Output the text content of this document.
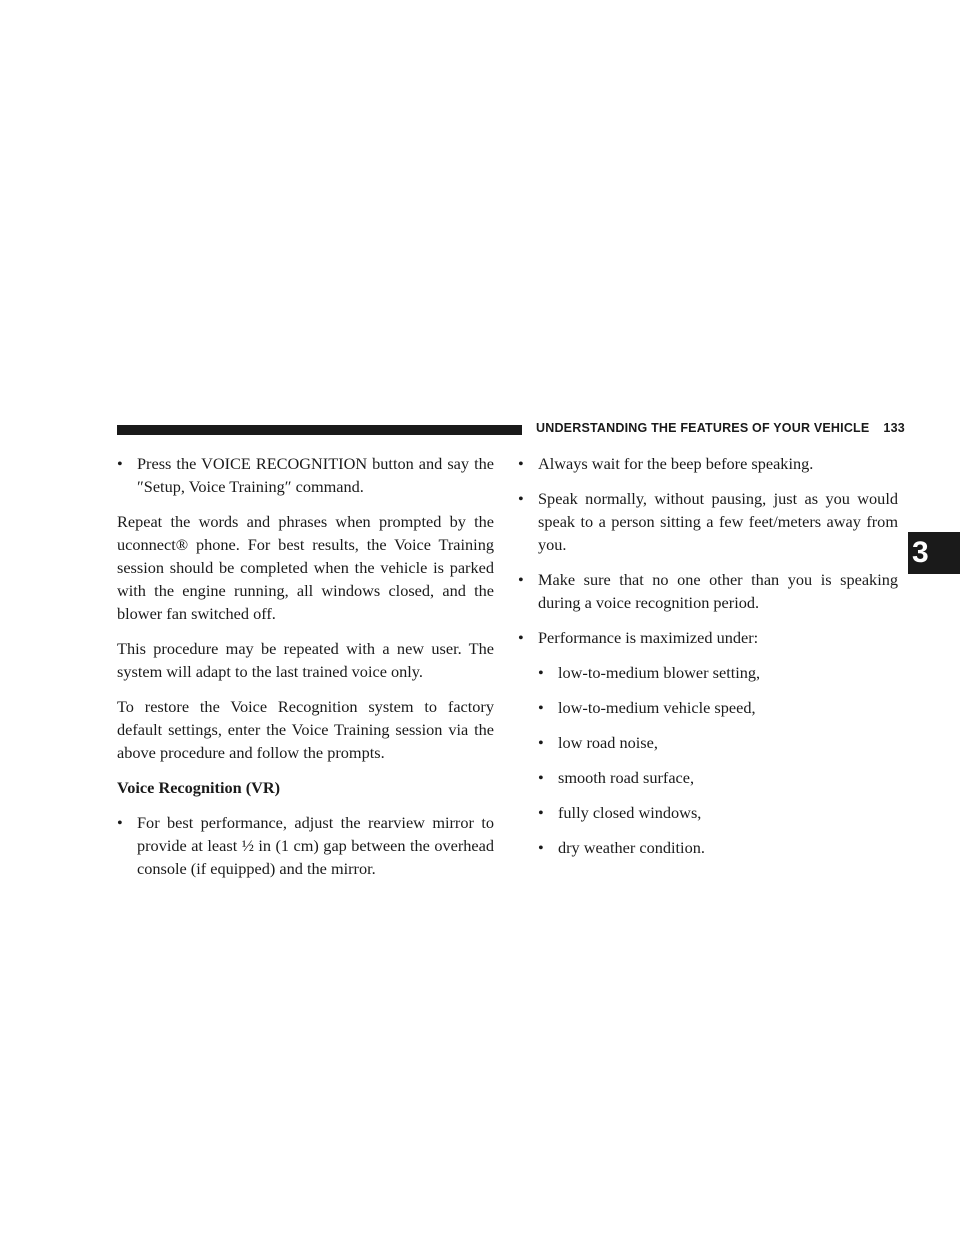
UNDERSTANDING THE FEATURES OF YOUR VEHICLE 133
3
• Press the VOICE RECOGNITION button and say the ″Setup, Voice Training″ command.

Repeat the words and phrases when prompted by the uconnect® phone. For best results, the Voice Training session should be completed when the vehicle is parked with the engine running, all windows closed, and the blower fan switched off.

This procedure may be repeated with a new user. The system will adapt to the last trained voice only.

To restore the Voice Recognition system to factory default settings, enter the Voice Training session via the above procedure and follow the prompts.

Voice Recognition (VR)
• For best performance, adjust the rearview mirror to provide at least ½ in (1 cm) gap between the overhead console (if equipped) and the mirror.
• Always wait for the beep before speaking.
• Speak normally, without pausing, just as you would speak to a person sitting a few feet/meters away from you.
• Make sure that no one other than you is speaking during a voice recognition period.
• Performance is maximized under:
• low-to-medium blower setting,
• low-to-medium vehicle speed,
• low road noise,
• smooth road surface,
• fully closed windows,
• dry weather condition.
